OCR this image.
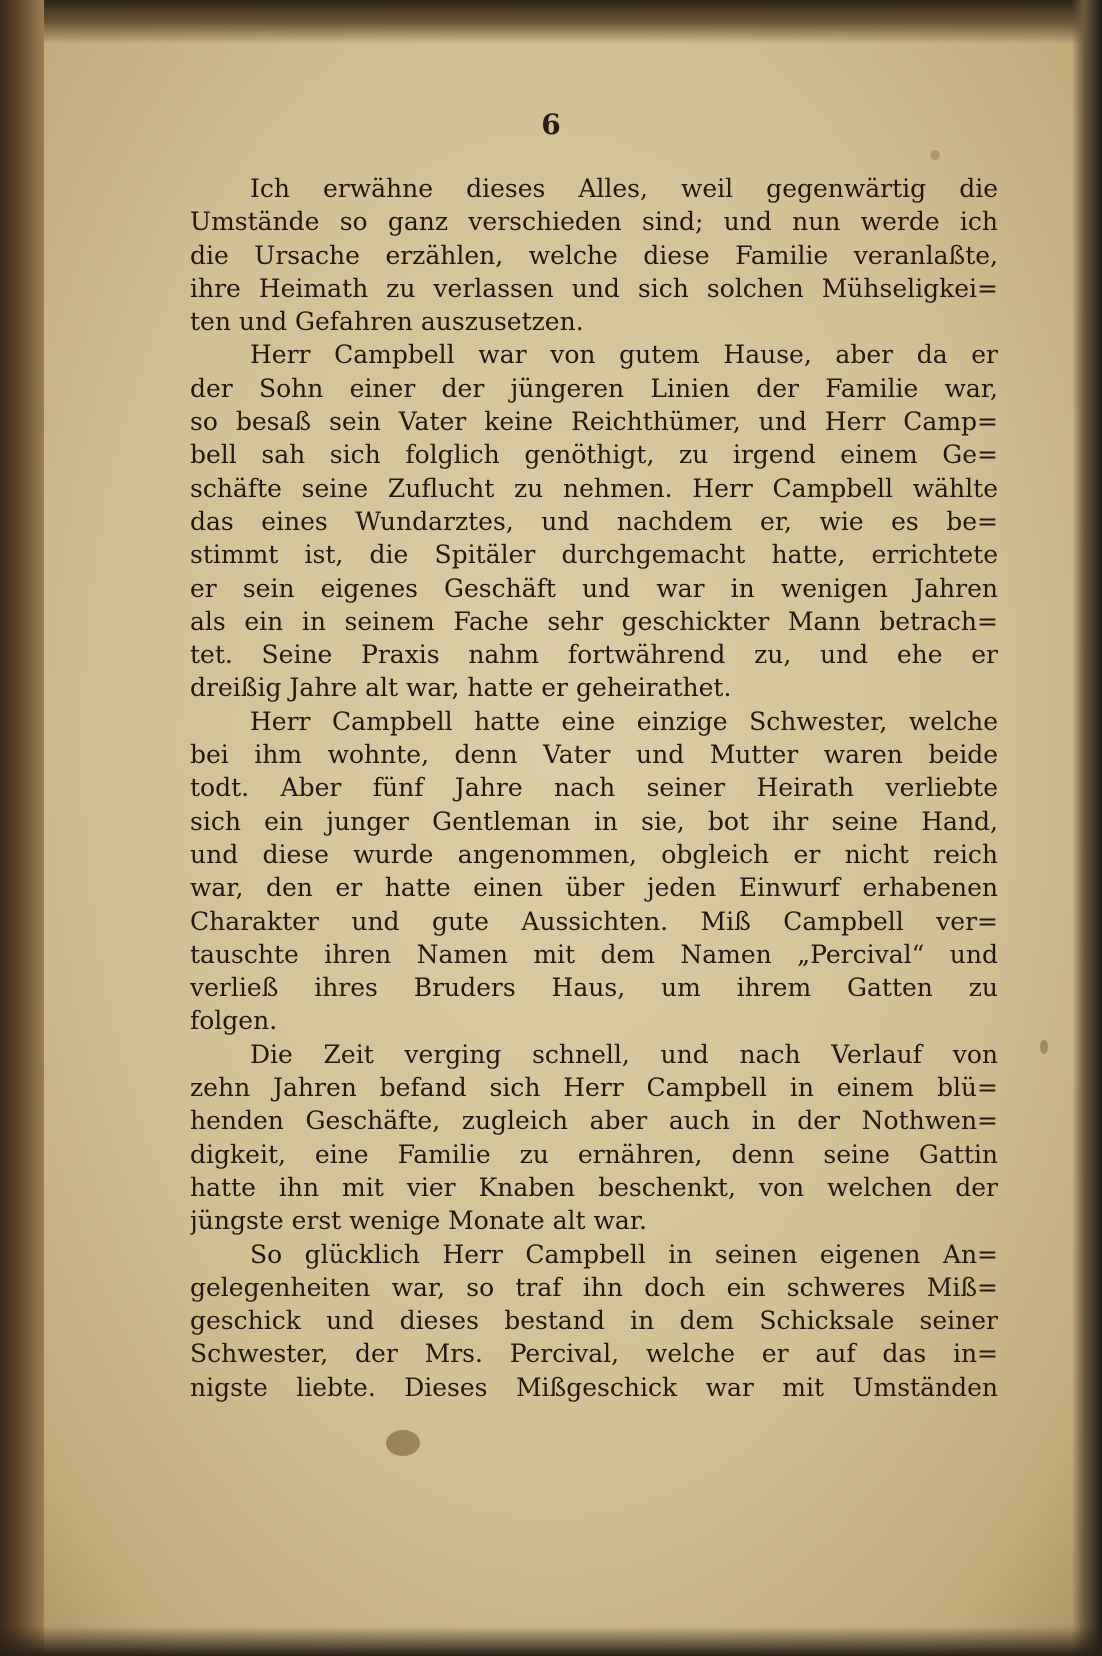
6
Ich erwähne dieses Alles, weil gegenwärtig die
Umstände so ganz verschieden sind; und nun werde ich
die Ursache erzählen, welche diese Familie veranlaßte,
ihre Heimath zu verlassen und sich solchen Mühseligkei=
ten und Gefahren auszusetzen.
Herr Campbell war von gutem Hause, aber da er
der Sohn einer der jüngeren Linien der Familie war,
so besaß sein Vater keine Reichthümer, und Herr Camp=
bell sah sich folglich genöthigt, zu irgend einem Ge=
schäfte seine Zuflucht zu nehmen. Herr Campbell wählte
das eines Wundarztes, und nachdem er, wie es be=
stimmt ist, die Spitäler durchgemacht hatte, errichtete
er sein eigenes Geschäft und war in wenigen Jahren
als ein in seinem Fache sehr geschickter Mann betrach=
tet. Seine Praxis nahm fortwährend zu, und ehe er
dreißig Jahre alt war, hatte er geheirathet.
Herr Campbell hatte eine einzige Schwester, welche
bei ihm wohnte, denn Vater und Mutter waren beide
todt. Aber fünf Jahre nach seiner Heirath verliebte
sich ein junger Gentleman in sie, bot ihr seine Hand,
und diese wurde angenommen, obgleich er nicht reich
war, den er hatte einen über jeden Einwurf erhabenen
Charakter und gute Aussichten. Miß Campbell ver=
tauschte ihren Namen mit dem Namen „Percival“ und
verließ ihres Bruders Haus, um ihrem Gatten zu
folgen.
Die Zeit verging schnell, und nach Verlauf von
zehn Jahren befand sich Herr Campbell in einem blü=
henden Geschäfte, zugleich aber auch in der Nothwen=
digkeit, eine Familie zu ernähren, denn seine Gattin
hatte ihn mit vier Knaben beschenkt, von welchen der
jüngste erst wenige Monate alt war.
So glücklich Herr Campbell in seinen eigenen An=
gelegenheiten war, so traf ihn doch ein schweres Miß=
geschick und dieses bestand in dem Schicksale seiner
Schwester, der Mrs. Percival, welche er auf das in=
nigste liebte. Dieses Mißgeschick war mit Umständen
